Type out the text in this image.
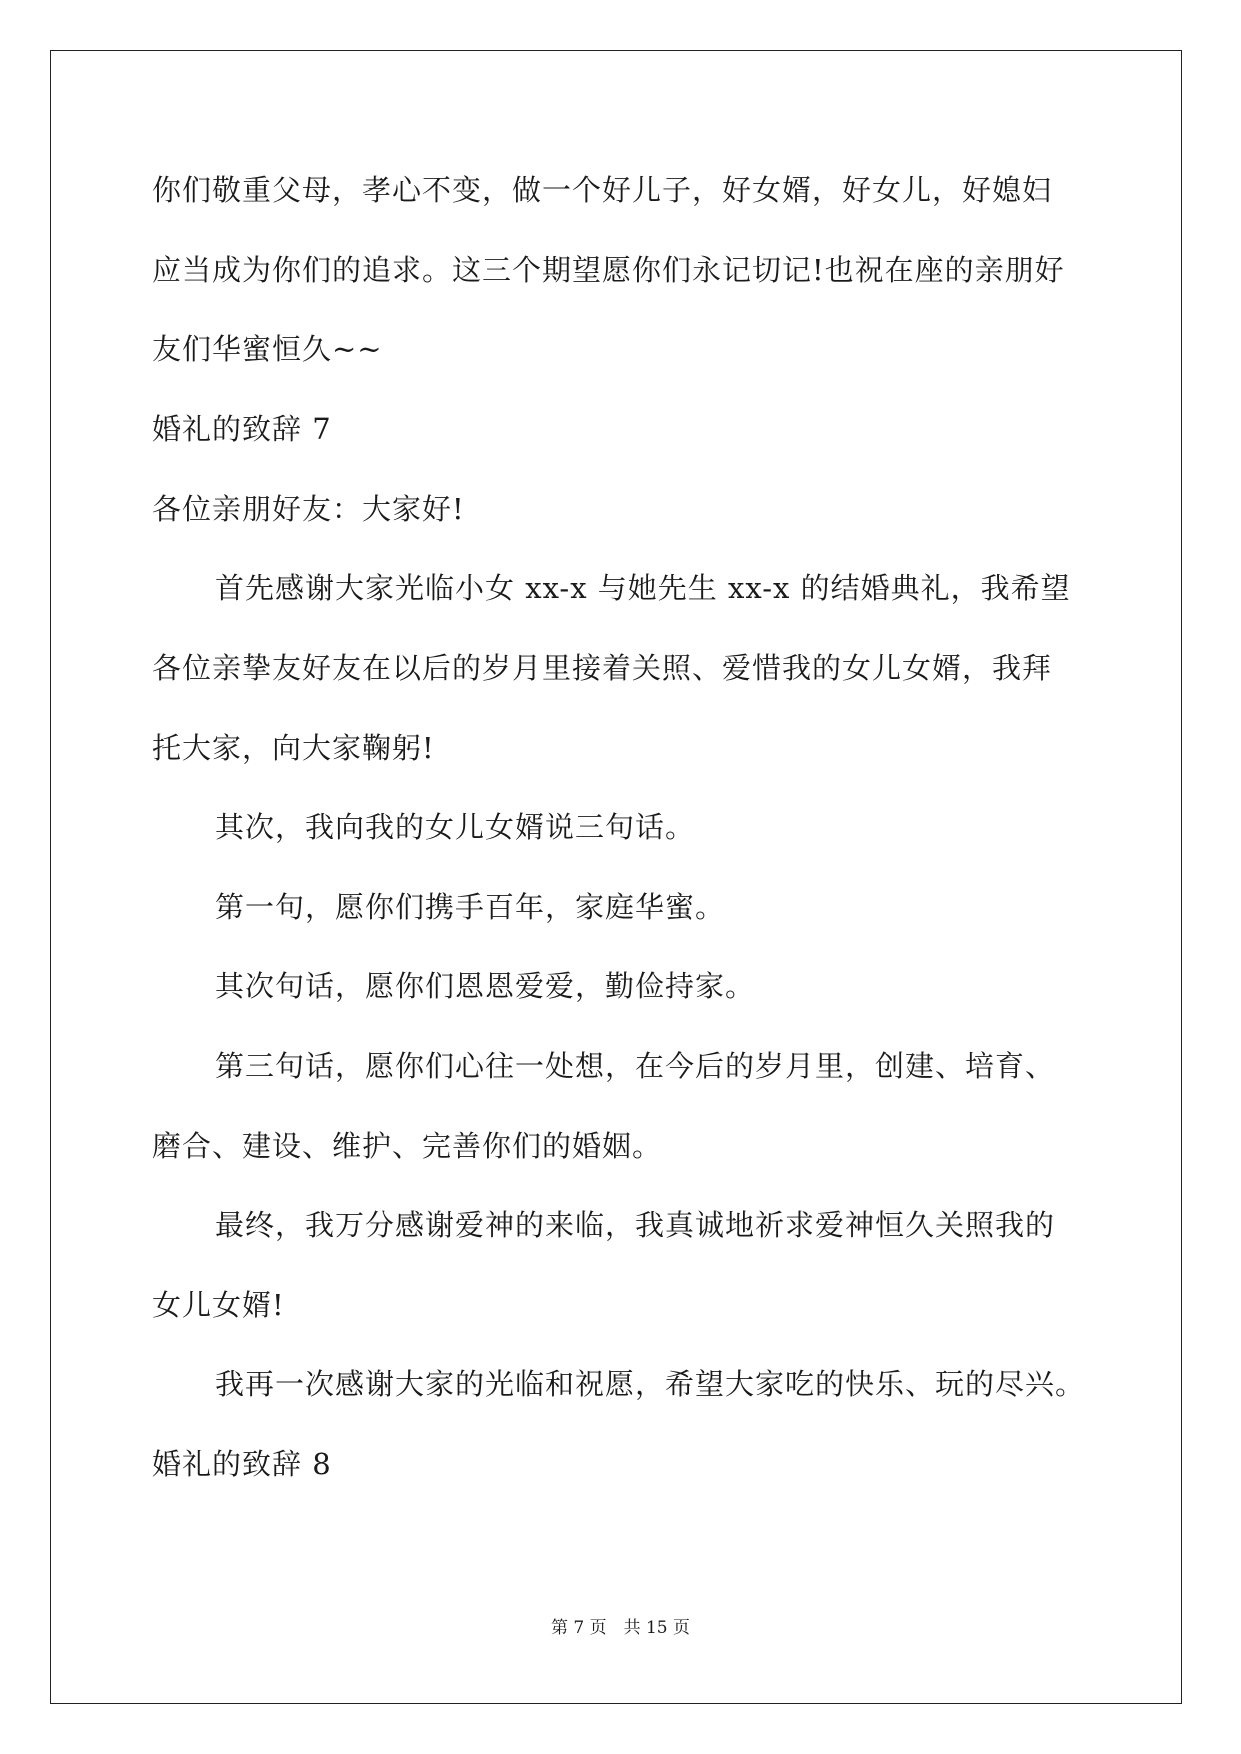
你们敬重父母，孝心不变，做一个好儿子，好女婿，好女儿，好媳妇
应当成为你们的追求。这三个期望愿你们永记切记!也祝在座的亲朋好
友们华蜜恒久~~
婚礼的致辞 7
各位亲朋好友：大家好!
首先感谢大家光临小女 xx-x 与她先生 xx-x 的结婚典礼，我希望
各位亲挚友好友在以后的岁月里接着关照、爱惜我的女儿女婿，我拜
托大家，向大家鞠躬!
其次，我向我的女儿女婿说三句话。
第一句，愿你们携手百年，家庭华蜜。
其次句话，愿你们恩恩爱爱，勤俭持家。
第三句话，愿你们心往一处想，在今后的岁月里，创建、培育、
磨合、建设、维护、完善你们的婚姻。
最终，我万分感谢爱神的来临，我真诚地祈求爱神恒久关照我的
女儿女婿!
我再一次感谢大家的光临和祝愿，希望大家吃的快乐、玩的尽兴。
婚礼的致辞 8
第 7 页　共 15 页
